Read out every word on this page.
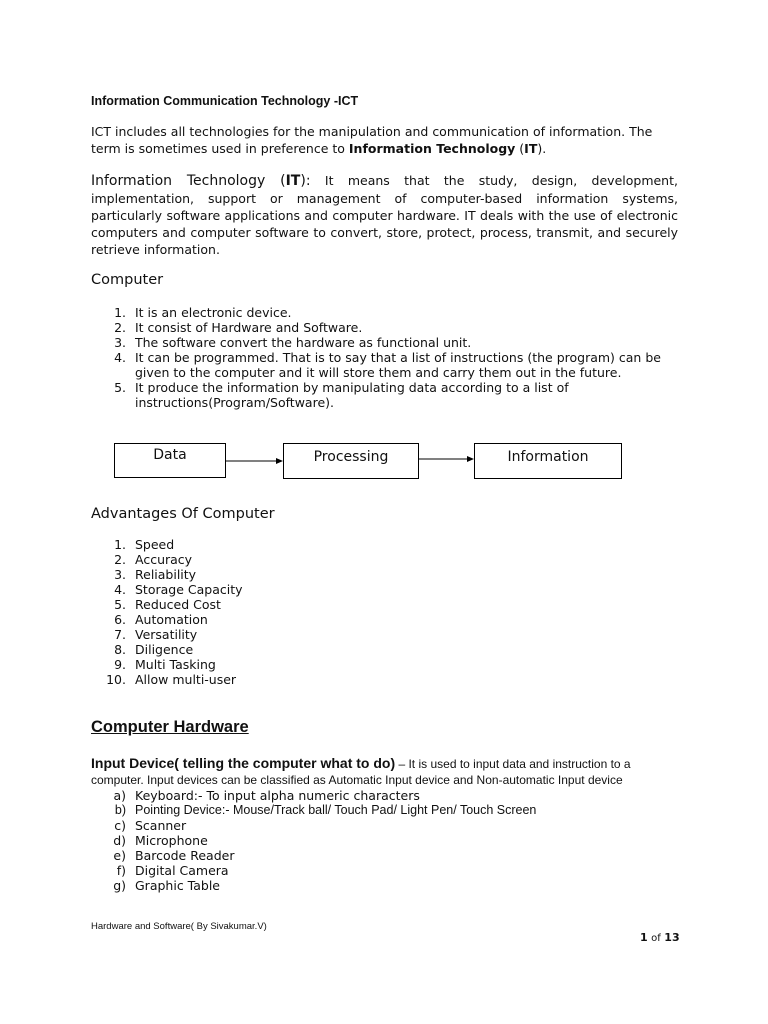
Information Communication Technology -ICT
ICT includes all technologies for the manipulation and communication of information. The term is sometimes used in preference to Information Technology (IT).
Information Technology (IT): It means that the study, design, development, implementation, support or management of computer-based information systems, particularly software applications and computer hardware. IT deals with the use of electronic computers and computer software to convert, store, protect, process, transmit, and securely retrieve information.
Computer
1. It is an electronic device.
2. It consist of Hardware and Software.
3. The software convert the hardware as functional unit.
4. It can be programmed. That is to say that a list of instructions (the program) can be given to the computer and it will store them and carry them out in the future.
5. It produce the information by manipulating data according to a list of instructions(Program/Software).
Data	Processing	Information
Advantages Of Computer
1. Speed
2. Accuracy
3. Reliability
4. Storage Capacity
5. Reduced Cost
6. Automation
7. Versatility
8. Diligence
9. Multi Tasking
10. Allow multi-user
Computer Hardware
Input Device( telling the computer what to do) – It is used to input data and instruction to a computer. Input devices can be classified as Automatic Input device and Non-automatic Input device
a) Keyboard:- To input alpha numeric characters
b) Pointing Device:- Mouse/Track ball/ Touch Pad/ Light Pen/ Touch Screen
c) Scanner
d) Microphone
e) Barcode Reader
f) Digital Camera
g) Graphic Table
Hardware and Software( By Sivakumar.V)
1 of 13
